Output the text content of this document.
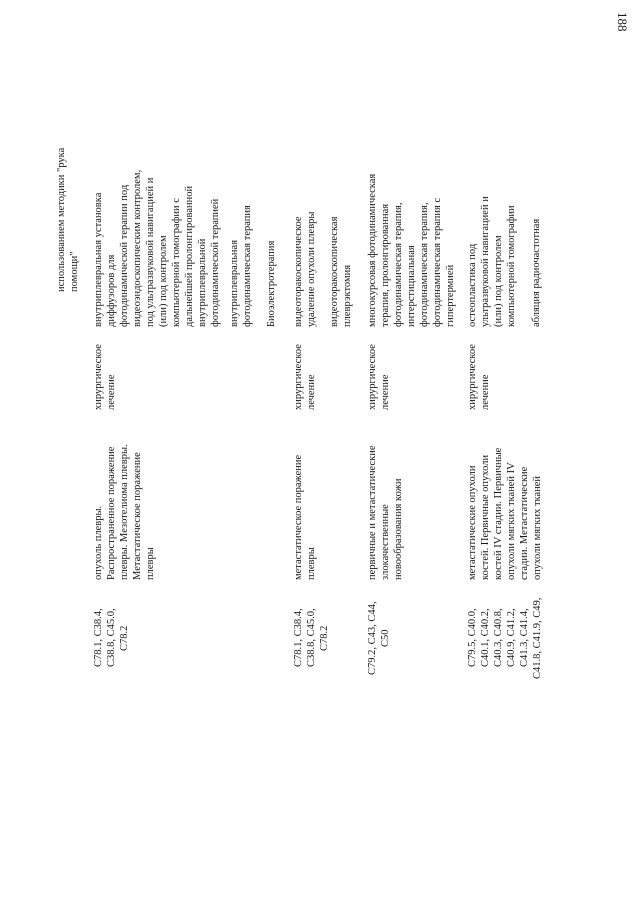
188
использованием методики "рука помощи"
C78.1, C38.4, C38.8, C45.0, C78.2
опухоль плевры. Распространенное поражение плевры. Мезотелиома плевры. Метастатическое поражение плевры
хирургическое лечение
внутриплевральная установка диффузоров для фотодинамической терапии под видеоэндоскопическим контролем, под ультразвуковой навигацией и (или) под контролем компьютерной томографии с дальнейшей пролонгированной внутриплевральной фотодинамической терапией внутриплевральная фотодинамическая терапия Биоэлектротерапия
C78.1, C38.4, C38.8, C45.0, C78.2
метастатическое поражение плевры
хирургическое лечение
видеоторакоскопическое удаление опухоли плевры видеоторакоскопическая плеврэктомия
C79.2, C43, C44, C50
первичные и метастатические злокачественные новообразования кожи
хирургическое лечение
многокурсовая фотодинамическая терапия, пролонгированная фотодинамическая терапия, интерстициальная фотодинамическая терапия, фотодинамическая терапия с гипертермией
C79.5, C40.0, C40.1, C40.2, C40.3, C40.8, C40.9, C41.2, C41.3, C41.4, C41.8, C41.9, C49,
метастатические опухоли костей. Первичные опухоли костей IV стадии. Первичные опухоли мягких тканей IV стадии. Метастатические опухоли мягких тканей
хирургическое лечение
остеопластика под ультразвуковой навигацией и (или) под контролем компьютерной томографии абляция радиочастотная
